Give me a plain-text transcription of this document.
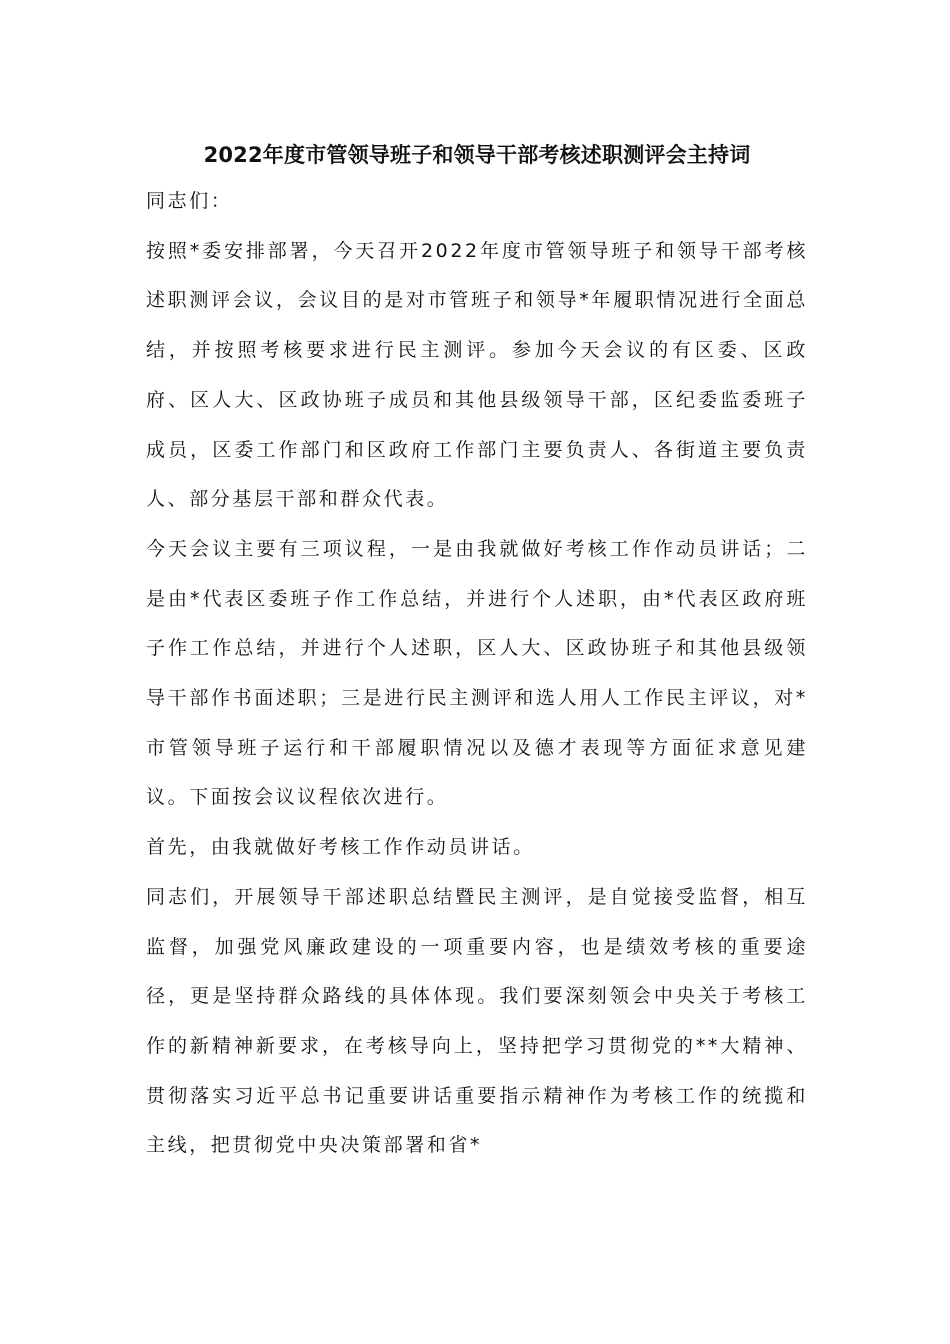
2022年度市管领导班子和领导干部考核述职测评会主持词

同志们：

按照*委安排部署，今天召开2022年度市管领导班子和领导干部考核述职测评会议，会议目的是对市管班子和领导*年履职情况进行全面总结，并按照考核要求进行民主测评。参加今天会议的有区委、区政府、区人大、区政协班子成员和其他县级领导干部，区纪委监委班子成员，区委工作部门和区政府工作部门主要负责人、各街道主要负责人、部分基层干部和群众代表。

今天会议主要有三项议程，一是由我就做好考核工作作动员讲话；二是由*代表区委班子作工作总结，并进行个人述职，由*代表区政府班子作工作总结，并进行个人述职，区人大、区政协班子和其他县级领导干部作书面述职；三是进行民主测评和选人用人工作民主评议，对*市管领导班子运行和干部履职情况以及德才表现等方面征求意见建议。下面按会议议程依次进行。

首先，由我就做好考核工作作动员讲话。

同志们，开展领导干部述职总结暨民主测评，是自觉接受监督，相互监督，加强党风廉政建设的一项重要内容，也是绩效考核的重要途径，更是坚持群众路线的具体体现。我们要深刻领会中央关于考核工作的新精神新要求，在考核导向上，坚持把学习贯彻党的**大精神、贯彻落实习近平总书记重要讲话重要指示精神作为考核工作的统揽和主线，把贯彻党中央决策部署和省*
